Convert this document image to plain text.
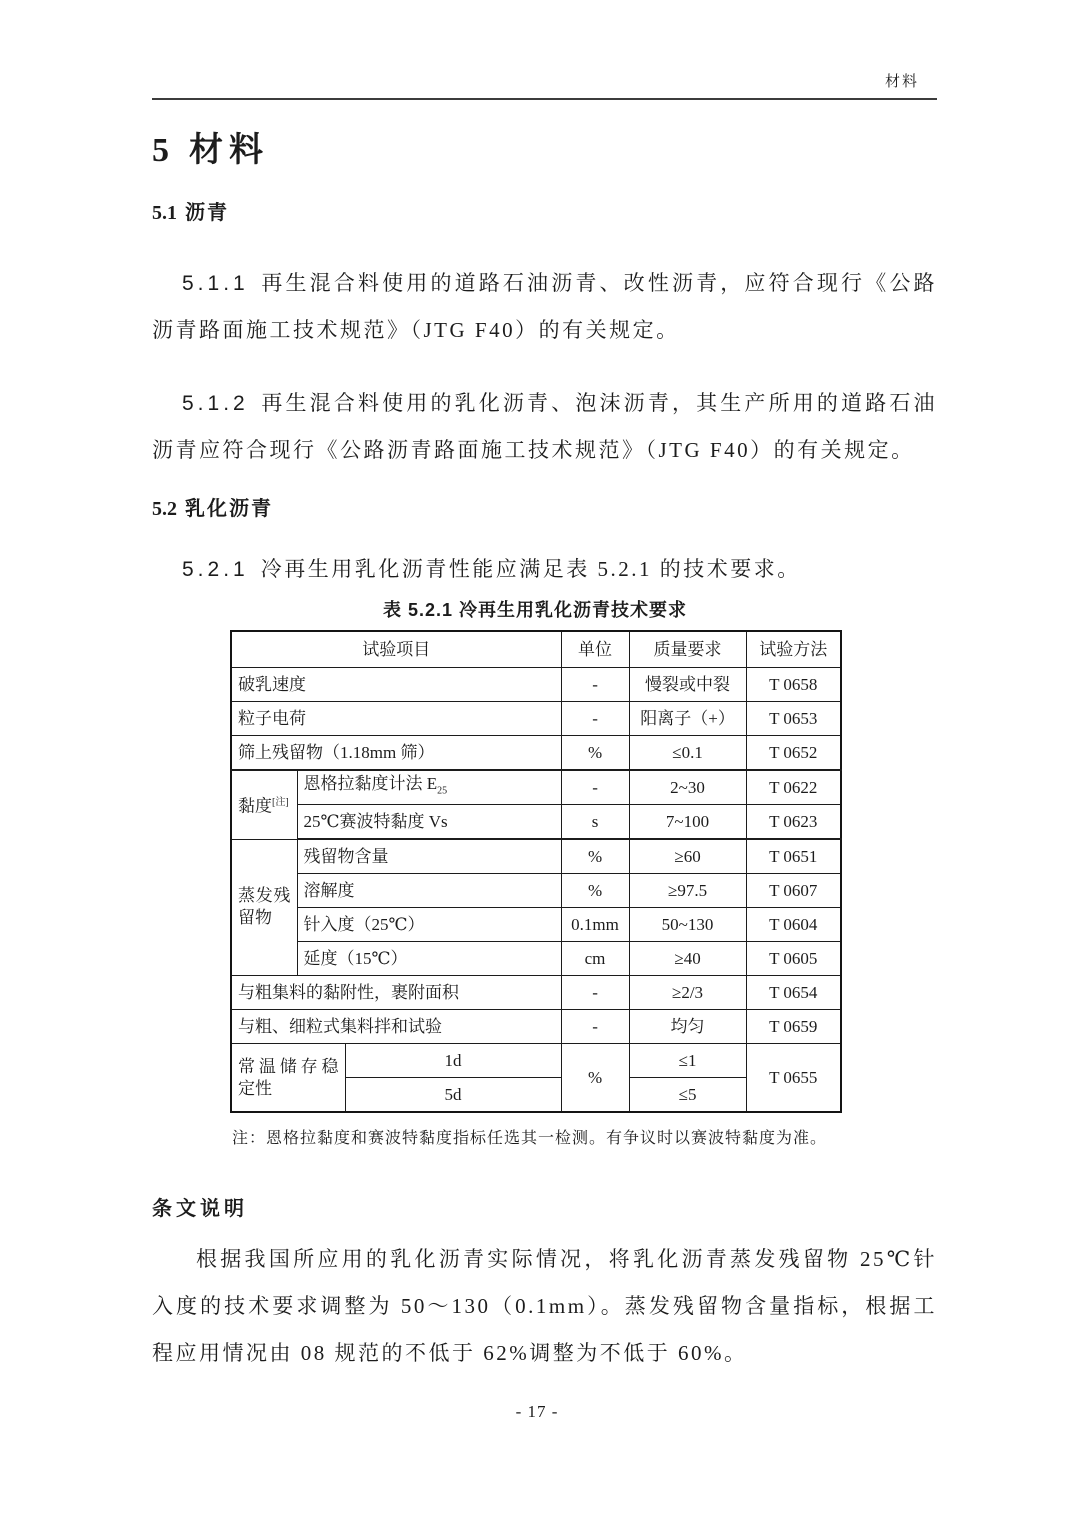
材料
5 材料
5.1 沥青

5.1.1 再生混合料使用的道路石油沥青、改性沥青，应符合现行《公路沥青路面施工技术规范》（JTG F40）的有关规定。

5.1.2 再生混合料使用的乳化沥青、泡沫沥青，其生产所用的道路石油沥青应符合现行《公路沥青路面施工技术规范》（JTG F40）的有关规定。

5.2 乳化沥青

5.2.1 冷再生用乳化沥青性能应满足表 5.2.1 的技术要求。

表 5.2.1 冷再生用乳化沥青技术要求
试验项目			单位	质量要求	试验方法
破乳速度			-	慢裂或中裂	T 0658
粒子电荷			-	阳离子（+）	T 0653
筛上残留物（1.18mm 筛）			%	≤0.1	T 0652
黏度[注]	恩格拉黏度计法 $E_{25}$		-	2~30	T 0622
	25℃赛波特黏度 Vs		s	7~100	T 0623
蒸发残留物	残留物含量		%	≥60	T 0651
	溶解度		%	≥97.5	T 0607
	针入度（25℃）		0.1mm	50~130	T 0604
	延度（15℃）		cm	≥40	T 0605
与粗集料的黏附性，裹附面积			-	≥2/3	T 0654
与粗、细粒式集料拌和试验			-	均匀	T 0659
常温储存稳定性		1d	%	≤1	T 0655
		5d		≤5	
注：恩格拉黏度和赛波特黏度指标任选其一检测。有争议时以赛波特黏度为准。
条文说明

根据我国所应用的乳化沥青实际情况，将乳化沥青蒸发残留物 25℃针入度的技术要求调整为 50～130（0.1mm）。蒸发残留物含量指标，根据工程应用情况由 08 规范的不低于 62%调整为不低于 60%。

- 17 -
